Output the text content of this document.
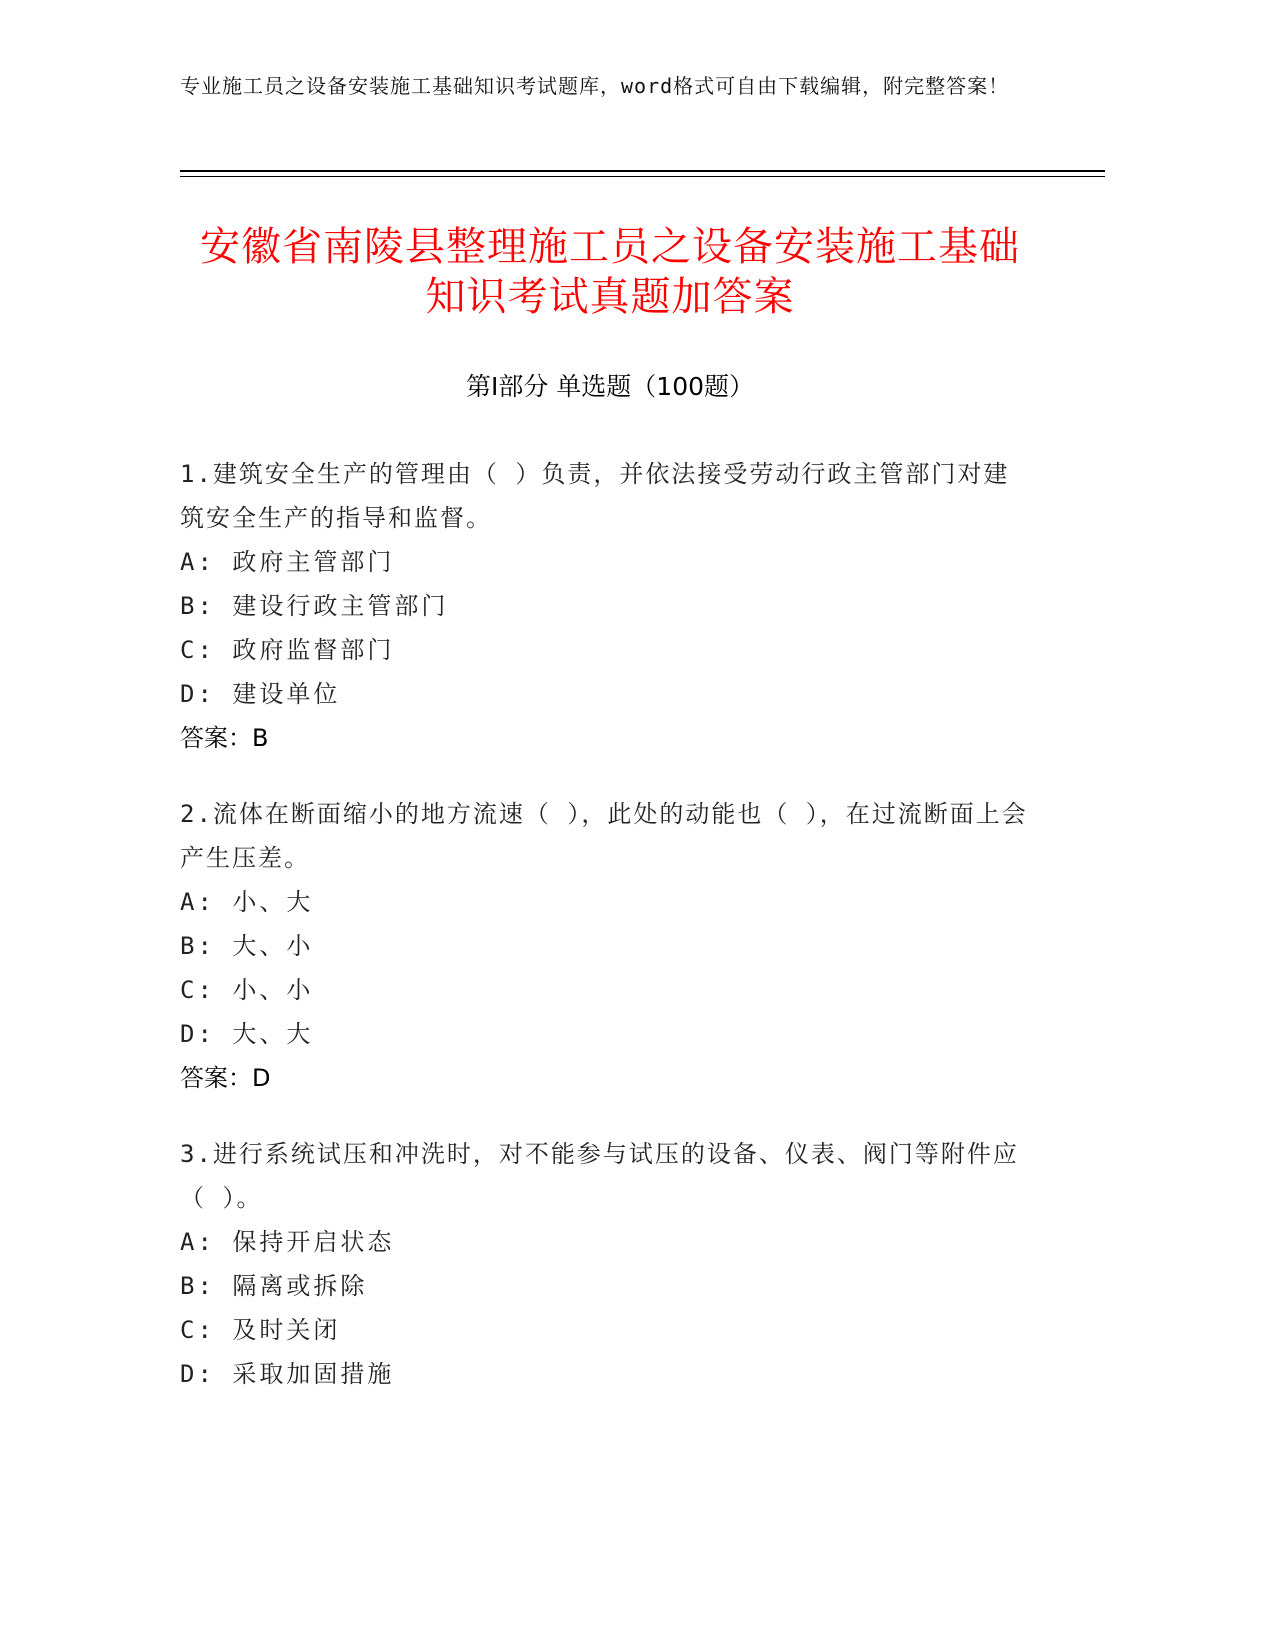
专业施工员之设备安装施工基础知识考试题库，word格式可自由下载编辑，附完整答案！
安徽省南陵县整理施工员之设备安装施工基础知识考试真题加答案
第Ⅰ部分 单选题（100题）
1.建筑安全生产的管理由（ ）负责，并依法接受劳动行政主管部门对建筑安全生产的指导和监督。
A: 政府主管部门
B: 建设行政主管部门
C: 政府监督部门
D: 建设单位
答案：B
2.流体在断面缩小的地方流速（ ），此处的动能也（ ），在过流断面上会产生压差。
A: 小、大
B: 大、小
C: 小、小
D: 大、大
答案：D
3.进行系统试压和冲洗时，对不能参与试压的设备、仪表、阀门等附件应（ ）。
A: 保持开启状态
B: 隔离或拆除
C: 及时关闭
D: 采取加固措施
